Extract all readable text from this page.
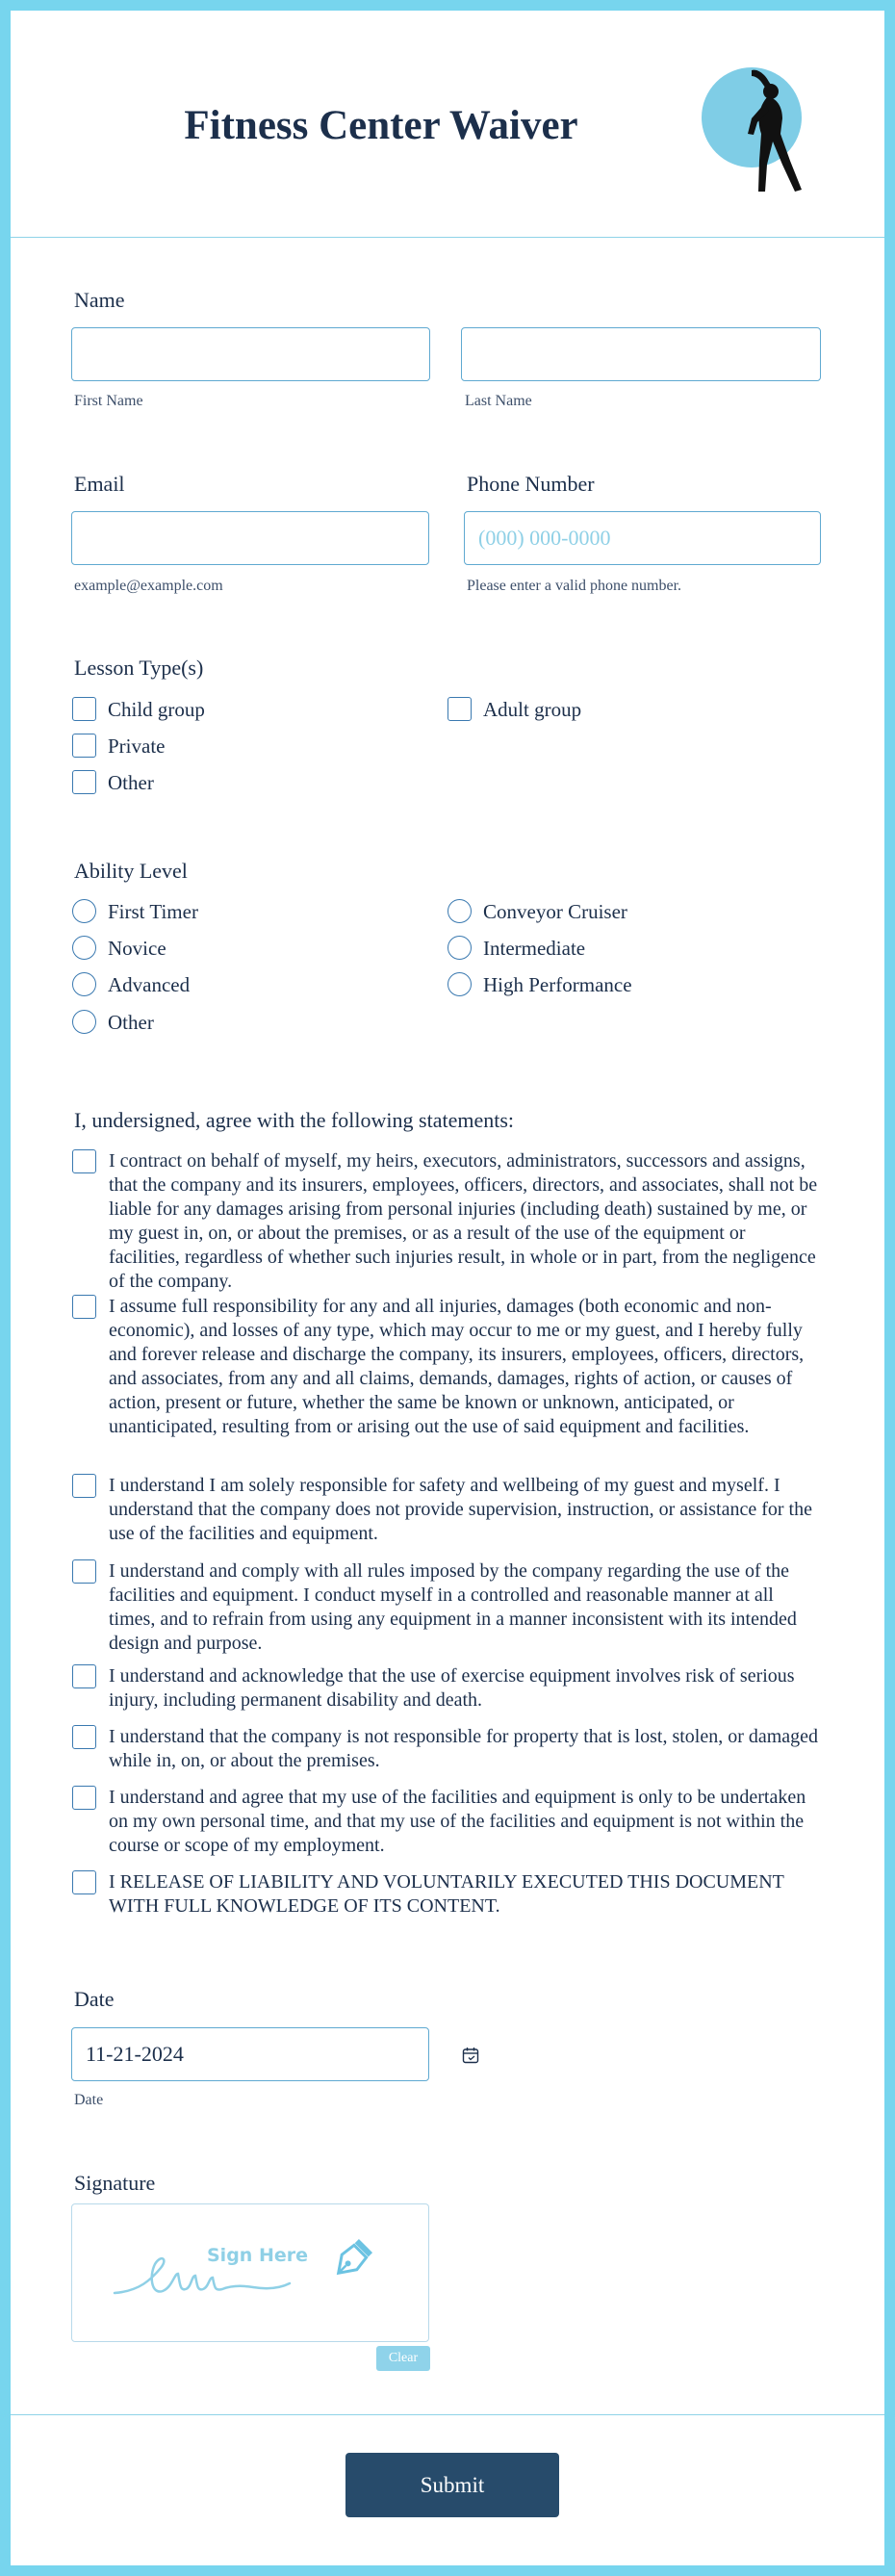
Fitness Center Waiver
Name
First Name	Last Name
Email	Phone Number
(000) 000-0000
example@example.com	Please enter a valid phone number.
Lesson Type(s)
Child group	Adult group
Private
Other
Ability Level
First Timer	Conveyor Cruiser
Novice	Intermediate
Advanced	High Performance
Other
I, undersigned, agree with the following statements:
I contract on behalf of myself, my heirs, executors, administrators, successors and assigns, that the company and its insurers, employees, officers, directors, and associates, shall not be liable for any damages arising from personal injuries (including death) sustained by me, or my guest in, on, or about the premises, or as a result of the use of the equipment or facilities, regardless of whether such injuries result, in whole or in part, from the negligence of the company.
I assume full responsibility for any and all injuries, damages (both economic and non-economic), and losses of any type, which may occur to me or my guest, and I hereby fully and forever release and discharge the company, its insurers, employees, officers, directors, and associates, from any and all claims, demands, damages, rights of action, or causes of action, present or future, whether the same be known or unknown, anticipated, or unanticipated, resulting from or arising out the use of said equipment and facilities.
I understand I am solely responsible for safety and wellbeing of my guest and myself. I understand that the company does not provide supervision, instruction, or assistance for the use of the facilities and equipment.
I understand and comply with all rules imposed by the company regarding the use of the facilities and equipment. I conduct myself in a controlled and reasonable manner at all times, and to refrain from using any equipment in a manner inconsistent with its intended design and purpose.
I understand and acknowledge that the use of exercise equipment involves risk of serious injury, including permanent disability and death.
I understand that the company is not responsible for property that is lost, stolen, or damaged while in, on, or about the premises.
I understand and agree that my use of the facilities and equipment is only to be undertaken on my own personal time, and that my use of the facilities and equipment is not within the course or scope of my employment.
I RELEASE OF LIABILITY AND VOLUNTARILY EXECUTED THIS DOCUMENT WITH FULL KNOWLEDGE OF ITS CONTENT.
Date
11-21-2024
Date
Signature
Sign Here
Clear
Submit
